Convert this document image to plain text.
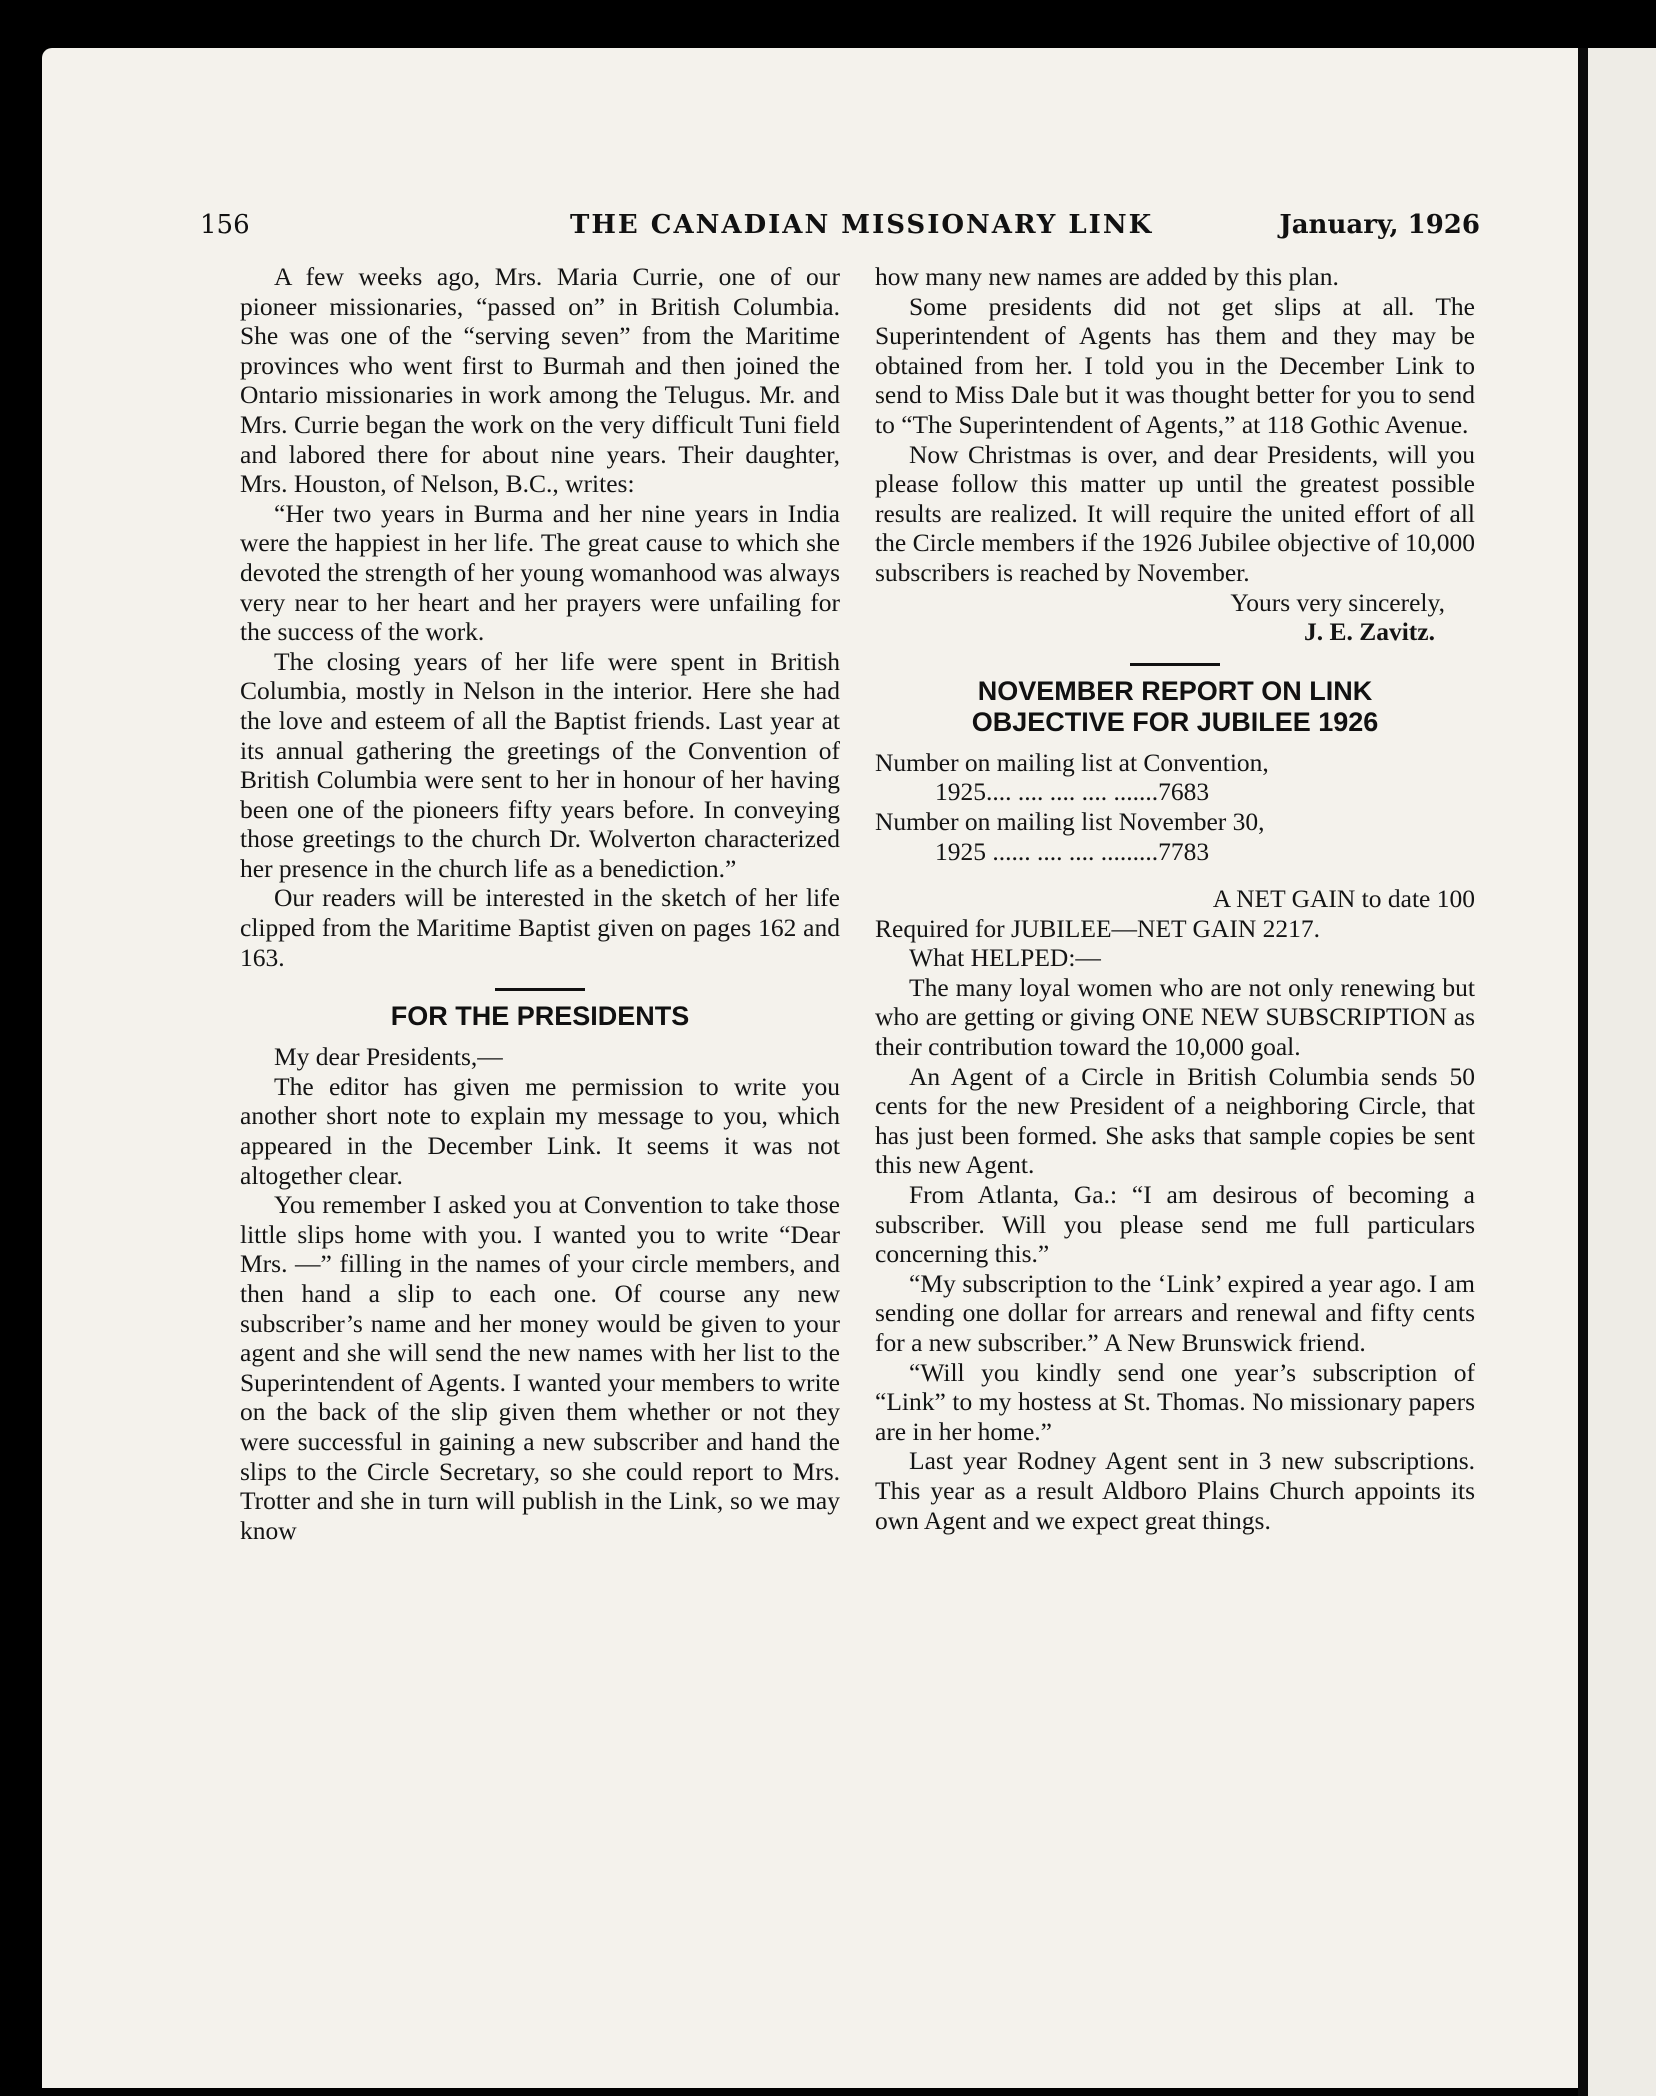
156	THE CANADIAN MISSIONARY LINK	January, 1926

A few weeks ago, Mrs. Maria Currie, one of our pioneer missionaries, “passed on” in British Columbia. She was one of the “serving seven” from the Maritime provinces who went first to Burmah and then joined the Ontario missionaries in work among the Telugus. Mr. and Mrs. Currie began the work on the very difficult Tuni field and labored there for about nine years. Their daughter, Mrs. Houston, of Nelson, B.C., writes:

“Her two years in Burma and her nine years in India were the happiest in her life. The great cause to which she devoted the strength of her young womanhood was always very near to her heart and her prayers were unfailing for the success of the work.

The closing years of her life were spent in British Columbia, mostly in Nelson in the interior. Here she had the love and esteem of all the Baptist friends. Last year at its annual gathering the greetings of the Convention of British Columbia were sent to her in honour of her having been one of the pioneers fifty years before. In conveying those greetings to the church Dr. Wolverton characterized her presence in the church life as a benediction.”

Our readers will be interested in the sketch of her life clipped from the Maritime Baptist given on pages 162 and 163.

FOR THE PRESIDENTS

My dear Presidents,—

The editor has given me permission to write you another short note to explain my message to you, which appeared in the December Link. It seems it was not altogether clear.

You remember I asked you at Convention to take those little slips home with you. I wanted you to write “Dear Mrs. —” filling in the names of your circle members, and then hand a slip to each one. Of course any new subscriber’s name and her money would be given to your agent and she will send the new names with her list to the Superintendent of Agents. I wanted your members to write on the back of the slip given them whether or not they were successful in gaining a new subscriber and hand the slips to the Circle Secretary, so she could report to Mrs. Trotter and she in turn will publish in the Link, so we may know

how many new names are added by this plan.

Some presidents did not get slips at all. The Superintendent of Agents has them and they may be obtained from her. I told you in the December Link to send to Miss Dale but it was thought better for you to send to “The Superintendent of Agents,” at 118 Gothic Avenue.

Now Christmas is over, and dear Presidents, will you please follow this matter up until the greatest possible results are realized. It will require the united effort of all the Circle members if the 1926 Jubilee objective of 10,000 subscribers is reached by November.

Yours very sincerely,

J. E. Zavitz.

NOVEMBER REPORT ON LINK
OBJECTIVE FOR JUBILEE 1926

Number on mailing list at Convention,

1925.... .... .... .... .......7683

Number on mailing list November 30,

1925 ...... .... .... .........7783

A NET GAIN to date 100

Required for JUBILEE—NET GAIN 2217.

What HELPED:—

The many loyal women who are not only renewing but who are getting or giving ONE NEW SUBSCRIPTION as their contribution toward the 10,000 goal.

An Agent of a Circle in British Columbia sends 50 cents for the new President of a neighboring Circle, that has just been formed. She asks that sample copies be sent this new Agent.

From Atlanta, Ga.: “I am desirous of becoming a subscriber. Will you please send me full particulars concerning this.”

“My subscription to the ‘Link’ expired a year ago. I am sending one dollar for arrears and renewal and fifty cents for a new subscriber.” A New Brunswick friend.

“Will you kindly send one year’s subscription of “Link” to my hostess at St. Thomas. No missionary papers are in her home.”

Last year Rodney Agent sent in 3 new subscriptions. This year as a result Aldboro Plains Church appoints its own Agent and we expect great things.
